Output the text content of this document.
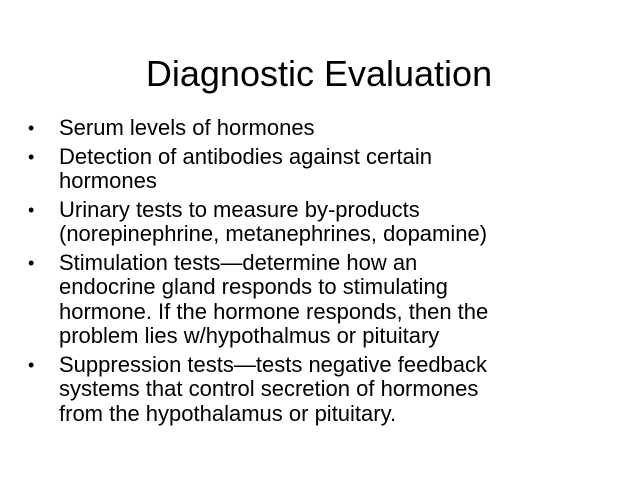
Diagnostic Evaluation
• Serum levels of hormones
• Detection of antibodies against certain
hormones
• Urinary tests to measure by-products
(norepinephrine, metanephrines, dopamine)
• Stimulation tests—determine how an
endocrine gland responds to stimulating
hormone. If the hormone responds, then the
problem lies w/hypothalmus or pituitary
• Suppression tests—tests negative feedback
systems that control secretion of hormones
from the hypothalamus or pituitary.
